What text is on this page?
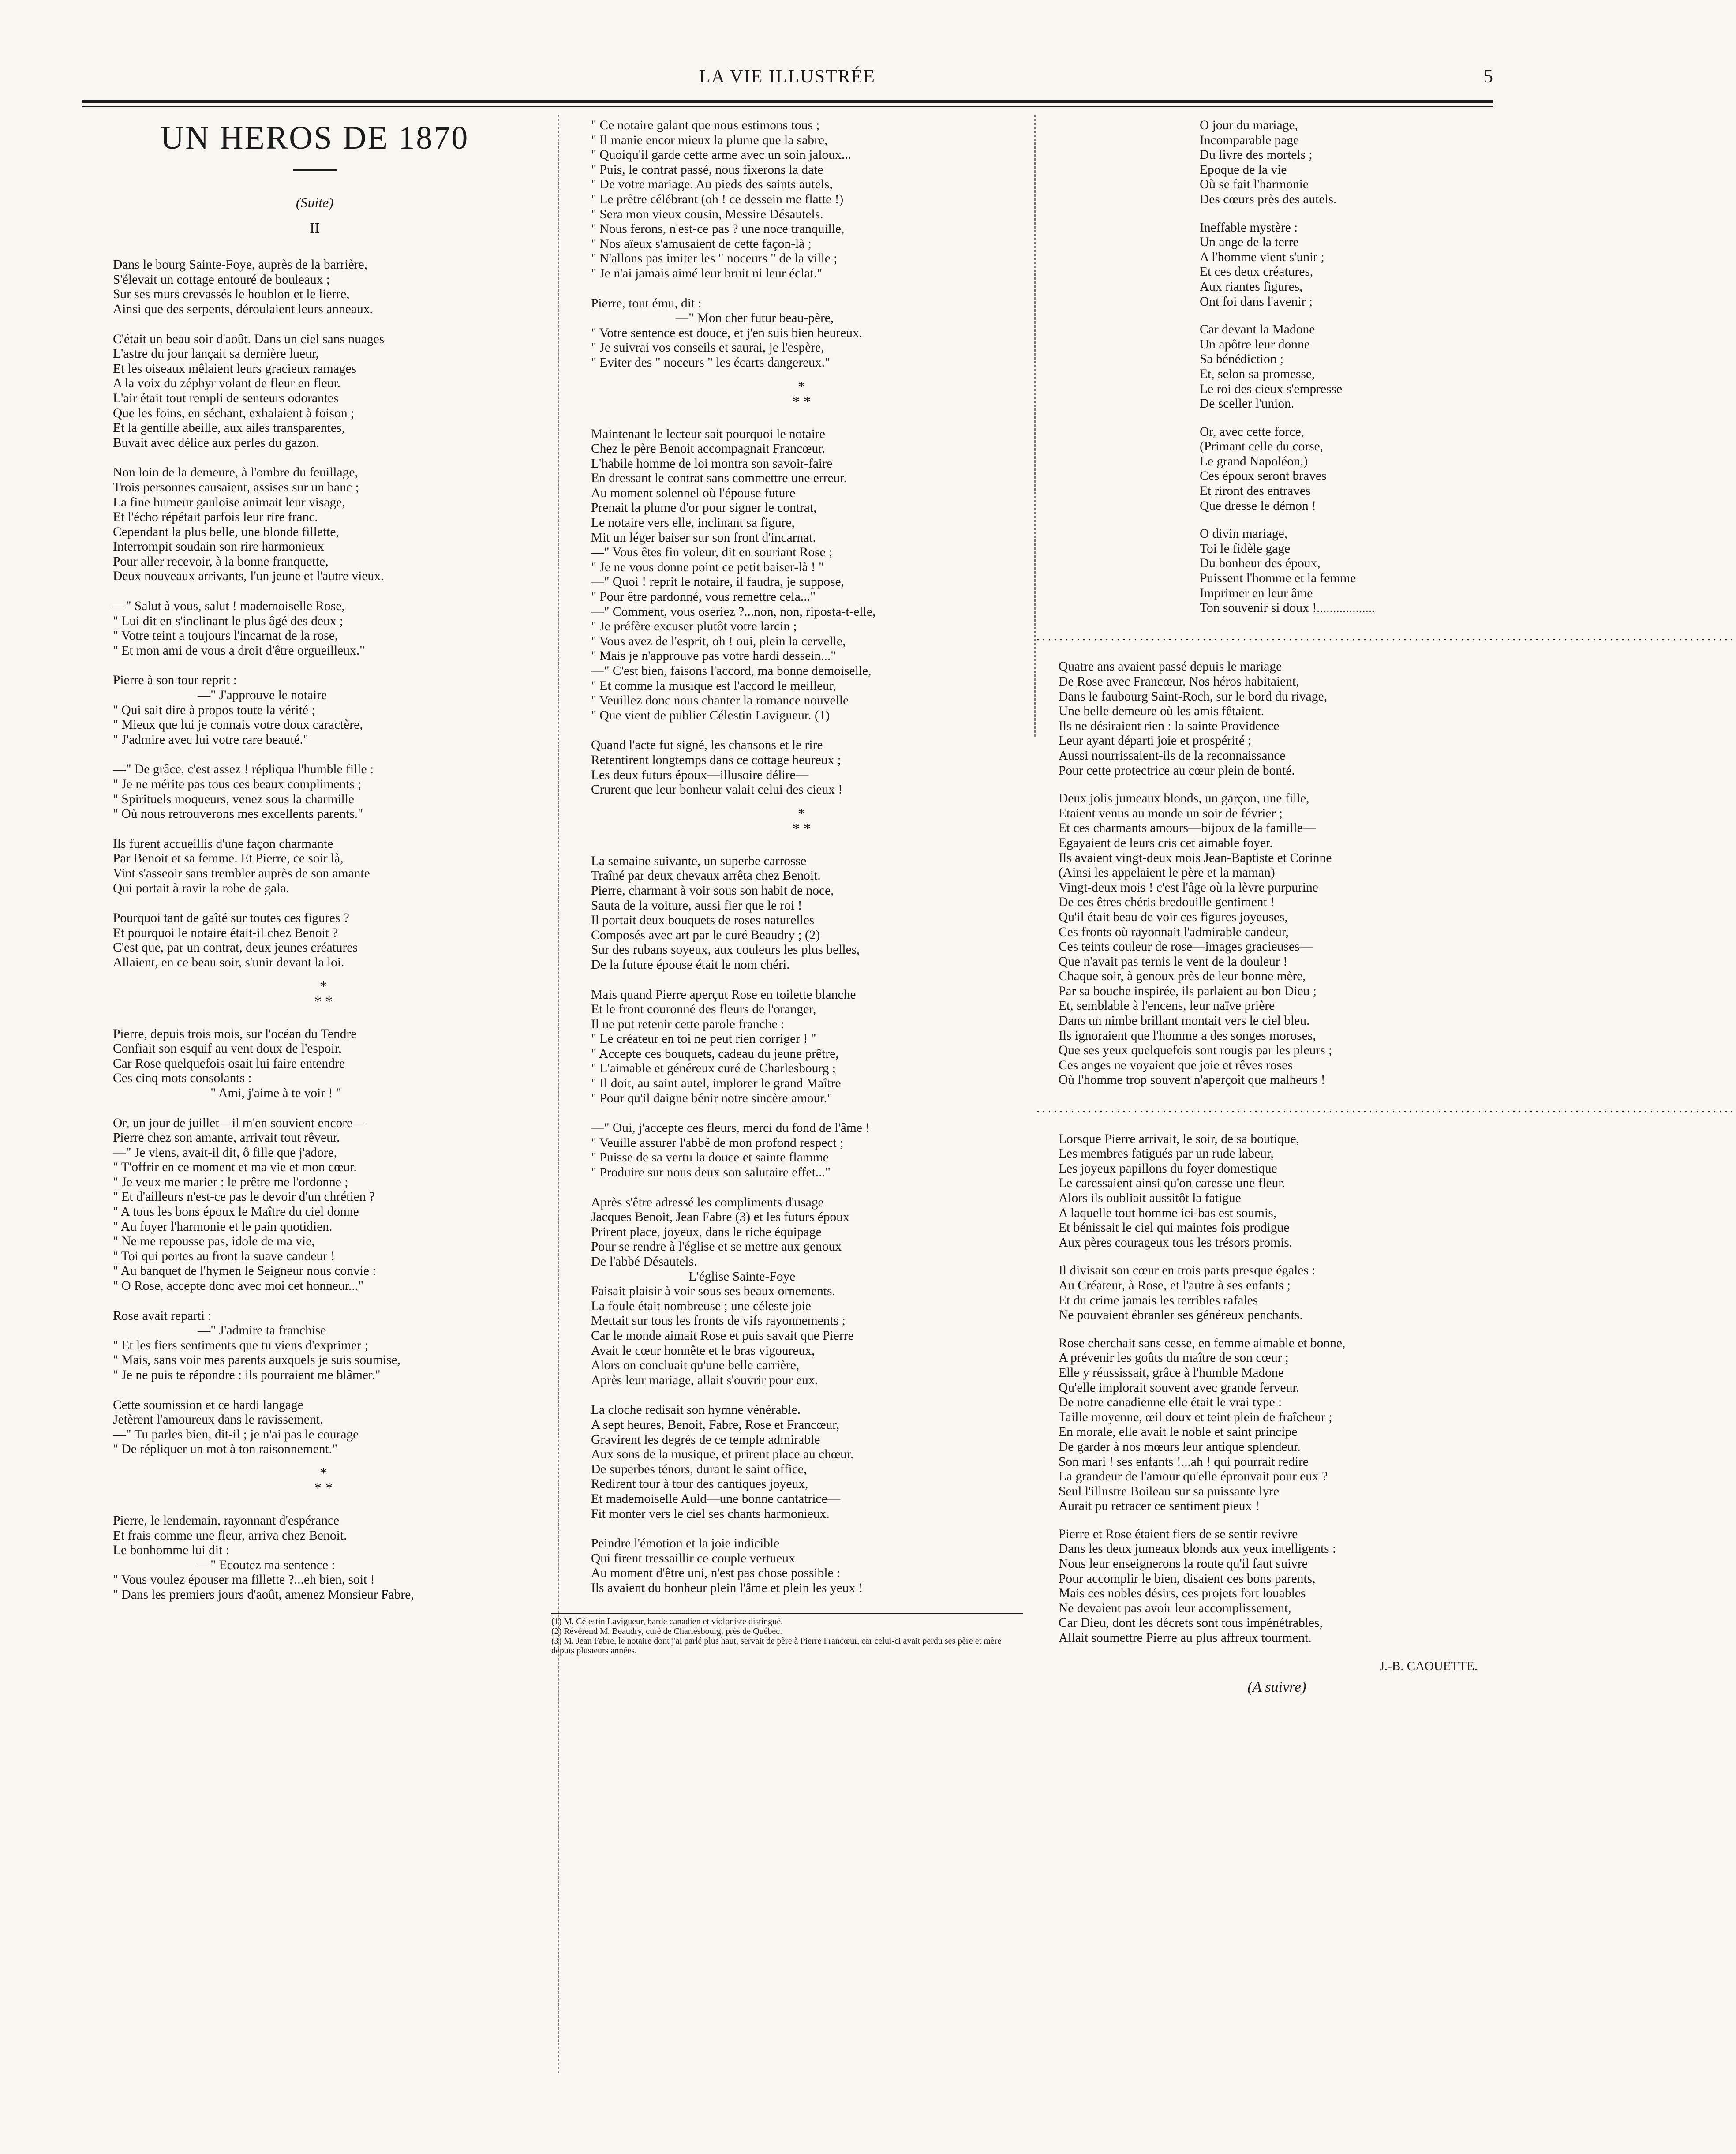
LA VIE ILLUSTRÉE	5
UN HEROS DE 1870
(Suite)
II
Dans le bourg Sainte-Foye, auprès de la barrière,
S'élevait un cottage entouré de bouleaux ;
Sur ses murs crevassés le houblon et le lierre,
Ainsi que des serpents, déroulaient leurs anneaux.
C'était un beau soir d'août. Dans un ciel sans nuages
L'astre du jour lançait sa dernière lueur,
Et les oiseaux mêlaient leurs gracieux ramages
A la voix du zéphyr volant de fleur en fleur.
L'air était tout rempli de senteurs odorantes
Que les foins, en séchant, exhalaient à foison ;
Et la gentille abeille, aux ailes transparentes,
Buvait avec délice aux perles du gazon.
Non loin de la demeure, à l'ombre du feuillage,
Trois personnes causaient, assises sur un banc ;
La fine humeur gauloise animait leur visage,
Et l'écho répétait parfois leur rire franc.
Cependant la plus belle, une blonde fillette,
Interrompit soudain son rire harmonieux
Pour aller recevoir, à la bonne franquette,
Deux nouveaux arrivants, l'un jeune et l'autre vieux.
—" Salut à vous, salut ! mademoiselle Rose,
" Lui dit en s'inclinant le plus âgé des deux ;
" Votre teint a toujours l'incarnat de la rose,
" Et mon ami de vous a droit d'être orgueilleux."
Pierre à son tour reprit :
—" J'approuve le notaire
" Qui sait dire à propos toute la vérité ;
" Mieux que lui je connais votre doux caractère,
" J'admire avec lui votre rare beauté."
—" De grâce, c'est assez ! répliqua l'humble fille :
" Je ne mérite pas tous ces beaux compliments ;
" Spirituels moqueurs, venez sous la charmille
" Où nous retrouverons mes excellents parents."
Ils furent accueillis d'une façon charmante
Par Benoit et sa femme. Et Pierre, ce soir là,
Vint s'asseoir sans trembler auprès de son amante
Qui portait à ravir la robe de gala.
Pourquoi tant de gaîté sur toutes ces figures ?
Et pourquoi le notaire était-il chez Benoit ?
C'est que, par un contrat, deux jeunes créatures
Allaient, en ce beau soir, s'unir devant la loi.
*
* *
Pierre, depuis trois mois, sur l'océan du Tendre
Confiait son esquif au vent doux de l'espoir,
Car Rose quelquefois osait lui faire entendre
Ces cinq mots consolants :
" Ami, j'aime à te voir ! "
Or, un jour de juillet—il m'en souvient encore—
Pierre chez son amante, arrivait tout rêveur.
—" Je viens, avait-il dit, ô fille que j'adore,
" T'offrir en ce moment et ma vie et mon cœur.
" Je veux me marier : le prêtre me l'ordonne ;
" Et d'ailleurs n'est-ce pas le devoir d'un chrétien ?
" A tous les bons époux le Maître du ciel donne
" Au foyer l'harmonie et le pain quotidien.
" Ne me repousse pas, idole de ma vie,
" Toi qui portes au front la suave candeur !
" Au banquet de l'hymen le Seigneur nous convie :
" O Rose, accepte donc avec moi cet honneur..."
Rose avait reparti :
—" J'admire ta franchise
" Et les fiers sentiments que tu viens d'exprimer ;
" Mais, sans voir mes parents auxquels je suis soumise,
" Je ne puis te répondre : ils pourraient me blâmer."
Cette soumission et ce hardi langage
Jetèrent l'amoureux dans le ravissement.
—" Tu parles bien, dit-il ; je n'ai pas le courage
" De répliquer un mot à ton raisonnement."
*
* *
Pierre, le lendemain, rayonnant d'espérance
Et frais comme une fleur, arriva chez Benoit.
Le bonhomme lui dit :
—" Ecoutez ma sentence :
" Vous voulez épouser ma fillette ?...eh bien, soit !
" Dans les premiers jours d'août, amenez Monsieur Fabre,
" Ce notaire galant que nous estimons tous ;
" Il manie encor mieux la plume que la sabre,
" Quoiqu'il garde cette arme avec un soin jaloux...
" Puis, le contrat passé, nous fixerons la date
" De votre mariage. Au pieds des saints autels,
" Le prêtre célébrant (oh ! ce dessein me flatte !)
" Sera mon vieux cousin, Messire Désautels.
" Nous ferons, n'est-ce pas ? une noce tranquille,
" Nos aïeux s'amusaient de cette façon-là ;
" N'allons pas imiter les " noceurs " de la ville ;
" Je n'ai jamais aimé leur bruit ni leur éclat."
Pierre, tout ému, dit :
—" Mon cher futur beau-père,
" Votre sentence est douce, et j'en suis bien heureux.
" Je suivrai vos conseils et saurai, je l'espère,
" Eviter des " noceurs " les écarts dangereux."
*
* *
Maintenant le lecteur sait pourquoi le notaire
Chez le père Benoit accompagnait Francœur.
L'habile homme de loi montra son savoir-faire
En dressant le contrat sans commettre une erreur.
Au moment solennel où l'épouse future
Prenait la plume d'or pour signer le contrat,
Le notaire vers elle, inclinant sa figure,
Mit un léger baiser sur son front d'incarnat.
—" Vous êtes fin voleur, dit en souriant Rose ;
" Je ne vous donne point ce petit baiser-là ! "
—" Quoi ! reprit le notaire, il faudra, je suppose,
" Pour être pardonné, vous remettre cela..."
—" Comment, vous oseriez ?...non, non, riposta-t-elle,
" Je préfère excuser plutôt votre larcin ;
" Vous avez de l'esprit, oh ! oui, plein la cervelle,
" Mais je n'approuve pas votre hardi dessein..."
—" C'est bien, faisons l'accord, ma bonne demoiselle,
" Et comme la musique est l'accord le meilleur,
" Veuillez donc nous chanter la romance nouvelle
" Que vient de publier Célestin Lavigueur. (1)
Quand l'acte fut signé, les chansons et le rire
Retentirent longtemps dans ce cottage heureux ;
Les deux futurs époux—illusoire délire—
Crurent que leur bonheur valait celui des cieux !
*
* *
La semaine suivante, un superbe carrosse
Traîné par deux chevaux arrêta chez Benoit.
Pierre, charmant à voir sous son habit de noce,
Sauta de la voiture, aussi fier que le roi !
Il portait deux bouquets de roses naturelles
Composés avec art par le curé Beaudry ; (2)
Sur des rubans soyeux, aux couleurs les plus belles,
De la future épouse était le nom chéri.
Mais quand Pierre aperçut Rose en toilette blanche
Et le front couronné des fleurs de l'oranger,
Il ne put retenir cette parole franche :
" Le créateur en toi ne peut rien corriger ! "
" Accepte ces bouquets, cadeau du jeune prêtre,
" L'aimable et généreux curé de Charlesbourg ;
" Il doit, au saint autel, implorer le grand Maître
" Pour qu'il daigne bénir notre sincère amour."
—" Oui, j'accepte ces fleurs, merci du fond de l'âme !
" Veuille assurer l'abbé de mon profond respect ;
" Puisse de sa vertu la douce et sainte flamme
" Produire sur nous deux son salutaire effet..."
Après s'être adressé les compliments d'usage
Jacques Benoit, Jean Fabre (3) et les futurs époux
Prirent place, joyeux, dans le riche équipage
Pour se rendre à l'église et se mettre aux genoux
De l'abbé Désautels.
L'église Sainte-Foye
Faisait plaisir à voir sous ses beaux ornements.
La foule était nombreuse ; une céleste joie
Mettait sur tous les fronts de vifs rayonnements ;
Car le monde aimait Rose et puis savait que Pierre
Avait le cœur honnête et le bras vigoureux,
Alors on concluait qu'une belle carrière,
Après leur mariage, allait s'ouvrir pour eux.
La cloche redisait son hymne vénérable.
A sept heures, Benoit, Fabre, Rose et Francœur,
Gravirent les degrés de ce temple admirable
Aux sons de la musique, et prirent place au chœur.
De superbes ténors, durant le saint office,
Redirent tour à tour des cantiques joyeux,
Et mademoiselle Auld—une bonne cantatrice—
Fit monter vers le ciel ses chants harmonieux.
Peindre l'émotion et la joie indicible
Qui firent tressaillir ce couple vertueux
Au moment d'être uni, n'est pas chose possible :
Ils avaient du bonheur plein l'âme et plein les yeux !
(1) M. Célestin Lavigueur, barde canadien et violoniste distingué.
(2) Révérend M. Beaudry, curé de Charlesbourg, près de Québec.
(3) M. Jean Fabre, le notaire dont j'ai parlé plus haut, servait de père à Pierre Francœur, car celui-ci avait perdu ses père et mère depuis plusieurs années.
O jour du mariage,
Incomparable page
Du livre des mortels ;
Epoque de la vie
Où se fait l'harmonie
Des cœurs près des autels.
Ineffable mystère :
Un ange de la terre
A l'homme vient s'unir ;
Et ces deux créatures,
Aux riantes figures,
Ont foi dans l'avenir ;
Car devant la Madone
Un apôtre leur donne
Sa bénédiction ;
Et, selon sa promesse,
Le roi des cieux s'empresse
De sceller l'union.
Or, avec cette force,
(Primant celle du corse,
Le grand Napoléon,)
Ces époux seront braves
Et riront des entraves
Que dresse le démon !
O divin mariage,
Toi le fidèle gage
Du bonheur des époux,
Puissent l'homme et la femme
Imprimer en leur âme
Ton souvenir si doux !..................
..........................................................................................................................
Quatre ans avaient passé depuis le mariage
De Rose avec Francœur. Nos héros habitaient,
Dans le faubourg Saint-Roch, sur le bord du rivage,
Une belle demeure où les amis fêtaient.
Ils ne désiraient rien : la sainte Providence
Leur ayant départi joie et prospérité ;
Aussi nourrissaient-ils de la reconnaissance
Pour cette protectrice au cœur plein de bonté.
Deux jolis jumeaux blonds, un garçon, une fille,
Etaient venus au monde un soir de février ;
Et ces charmants amours—bijoux de la famille—
Egayaient de leurs cris cet aimable foyer.
Ils avaient vingt-deux mois Jean-Baptiste et Corinne
(Ainsi les appelaient le père et la maman)
Vingt-deux mois ! c'est l'âge où la lèvre purpurine
De ces êtres chéris bredouille gentiment !
Qu'il était beau de voir ces figures joyeuses,
Ces fronts où rayonnait l'admirable candeur,
Ces teints couleur de rose—images gracieuses—
Que n'avait pas ternis le vent de la douleur !
Chaque soir, à genoux près de leur bonne mère,
Par sa bouche inspirée, ils parlaient au bon Dieu ;
Et, semblable à l'encens, leur naïve prière
Dans un nimbe brillant montait vers le ciel bleu.
Ils ignoraient que l'homme a des songes moroses,
Que ses yeux quelquefois sont rougis par les pleurs ;
Ces anges ne voyaient que joie et rêves roses
Où l'homme trop souvent n'aperçoit que malheurs !
..........................................................................................................................
Lorsque Pierre arrivait, le soir, de sa boutique,
Les membres fatigués par un rude labeur,
Les joyeux papillons du foyer domestique
Le caressaient ainsi qu'on caresse une fleur.
Alors ils oubliait aussitôt la fatigue
A laquelle tout homme ici-bas est soumis,
Et bénissait le ciel qui maintes fois prodigue
Aux pères courageux tous les trésors promis.
Il divisait son cœur en trois parts presque égales :
Au Créateur, à Rose, et l'autre à ses enfants ;
Et du crime jamais les terribles rafales
Ne pouvaient ébranler ses généreux penchants.
Rose cherchait sans cesse, en femme aimable et bonne,
A prévenir les goûts du maître de son cœur ;
Elle y réussissait, grâce à l'humble Madone
Qu'elle implorait souvent avec grande ferveur.
De notre canadienne elle était le vrai type :
Taille moyenne, œil doux et teint plein de fraîcheur ;
En morale, elle avait le noble et saint principe
De garder à nos mœurs leur antique splendeur.
Son mari ! ses enfants !...ah ! qui pourrait redire
La grandeur de l'amour qu'elle éprouvait pour eux ?
Seul l'illustre Boileau sur sa puissante lyre
Aurait pu retracer ce sentiment pieux !
Pierre et Rose étaient fiers de se sentir revivre
Dans les deux jumeaux blonds aux yeux intelligents :
Nous leur enseignerons la route qu'il faut suivre
Pour accomplir le bien, disaient ces bons parents,
Mais ces nobles désirs, ces projets fort louables
Ne devaient pas avoir leur accomplissement,
Car Dieu, dont les décrets sont tous impénétrables,
Allait soumettre Pierre au plus affreux tourment.
J.-B. CAOUETTE.
(A suivre)
